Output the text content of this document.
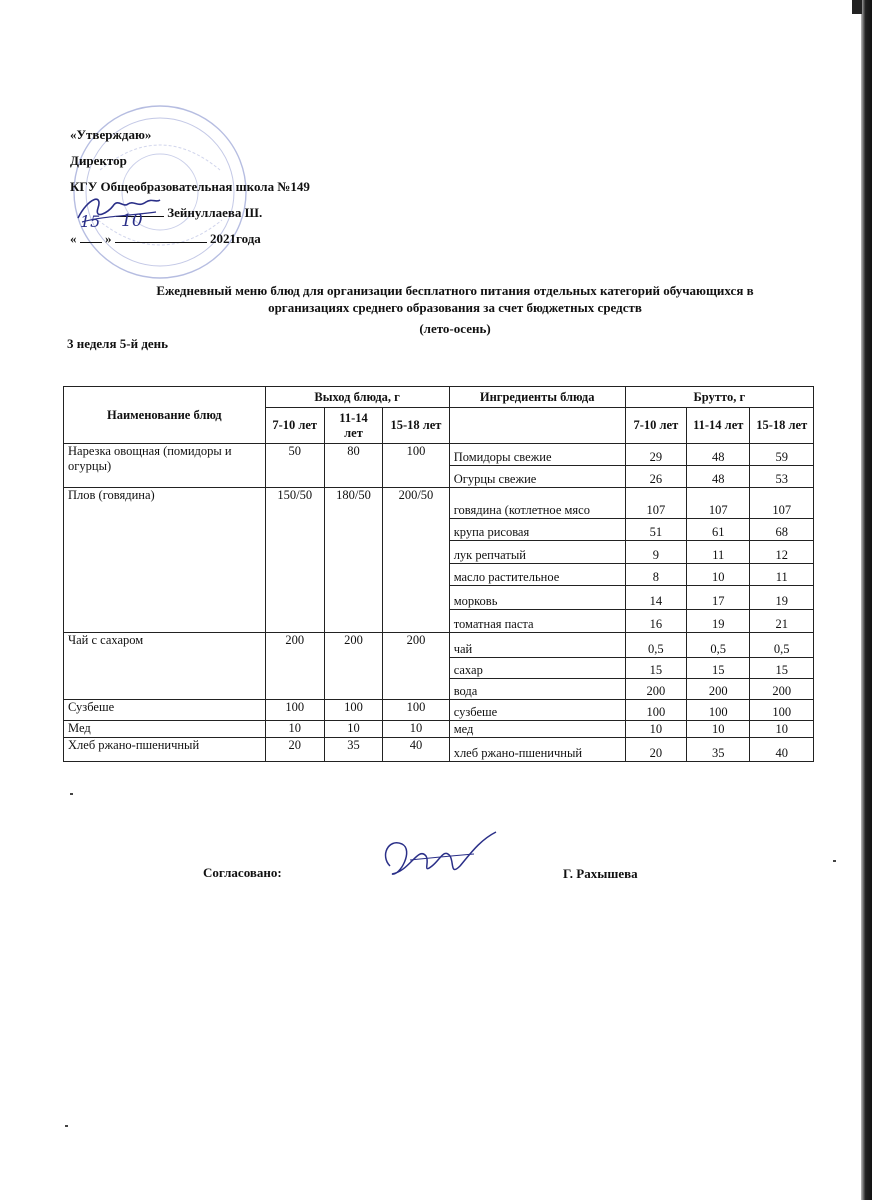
«Утверждаю»
Директор
КГУ Общеобразовательная школа №149
Зейнуллаева Ш.
« »	2021года
15 10
Ежедневный меню блюд для организации бесплатного питания отдельных категорий обучающихся в
организациях среднего образования за счет бюджетных средств
(лето-осень)
3 неделя 5-й день
Наименование блюд	Выход блюда, г			Ингредиенты блюда	Брутто, г		
	7-10 лет	11-14 лет	15-18 лет		7-10 лет	11-14 лет	15-18 лет
Нарезка овощная (помидоры и огурцы)	50	80	100	Помидоры свежие	29	48	59
				Огурцы свежие	26	48	53
Плов (говядина)	150/50	180/50	200/50	говядина (котлетное мясо	107	107	107
				крупа рисовая	51	61	68
				лук репчатый	9	11	12
				масло растительное	8	10	11
				морковь	14	17	19
				томатная паста	16	19	21
Чай с сахаром	200	200	200	чай	0,5	0,5	0,5
				сахар	15	15	15
				вода	200	200	200
Сузбеше	100	100	100	сузбеше	100	100	100
Мед	10	10	10	мед	10	10	10
Хлеб ржано-пшеничный	20	35	40	хлеб ржано-пшеничный	20	35	40
Согласовано:	Г. Рахышева
